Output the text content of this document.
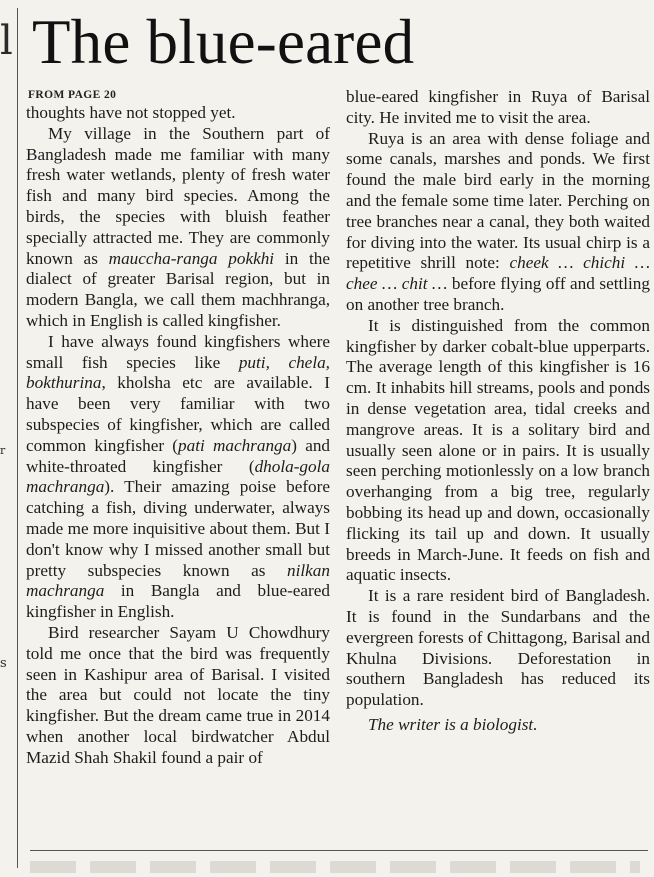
l
r
s
The blue-eared
FROM PAGE 20

thoughts have not stopped yet.

My village in the Southern part of Bangladesh made me familiar with many fresh water wetlands, plenty of fresh water fish and many bird species. Among the birds, the species with bluish feather specially attracted me. They are commonly known as mauccha-ranga pokkhi in the dialect of greater Barisal region, but in modern Bangla, we call them machhranga, which in English is called kingfisher.

I have always found kingfishers where small fish species like puti, chela, bokthurina, kholsha etc are available. I have been very familiar with two subspecies of kingfisher, which are called common kingfisher (pati machranga) and white-throated kingfisher (dhola-gola machranga). Their amazing poise before catching a fish, diving underwater, always made me more inquisitive about them. But I don't know why I missed another small but pretty subspecies known as nilkan machranga in Bangla and blue-eared kingfisher in English.

Bird researcher Sayam U Chowdhury told me once that the bird was frequently seen in Kashipur area of Barisal. I visited the area but could not locate the tiny kingfisher. But the dream came true in 2014 when another local birdwatcher Abdul Mazid Shah Shakil found a pair of

blue-eared kingfisher in Ruya of Barisal city. He invited me to visit the area.

Ruya is an area with dense foliage and some canals, marshes and ponds. We first found the male bird early in the morning and the female some time later. Perching on tree branches near a canal, they both waited for diving into the water. Its usual chirp is a repetitive shrill note: cheek … chichi … chee … chit … before flying off and settling on another tree branch.

It is distinguished from the common kingfisher by darker cobalt-blue upperparts. The average length of this kingfisher is 16 cm. It inhabits hill streams, pools and ponds in dense vegetation area, tidal creeks and mangrove areas. It is a solitary bird and usually seen alone or in pairs. It is usually seen perching motionlessly on a low branch overhanging from a big tree, regularly bobbing its head up and down, occasionally flicking its tail up and down. It usually breeds in March-June. It feeds on fish and aquatic insects.

It is a rare resident bird of Bangladesh. It is found in the Sundarbans and the evergreen forests of Chittagong, Barisal and Khulna Divisions. Deforestation in southern Bangladesh has reduced its population.

The writer is a biologist.
